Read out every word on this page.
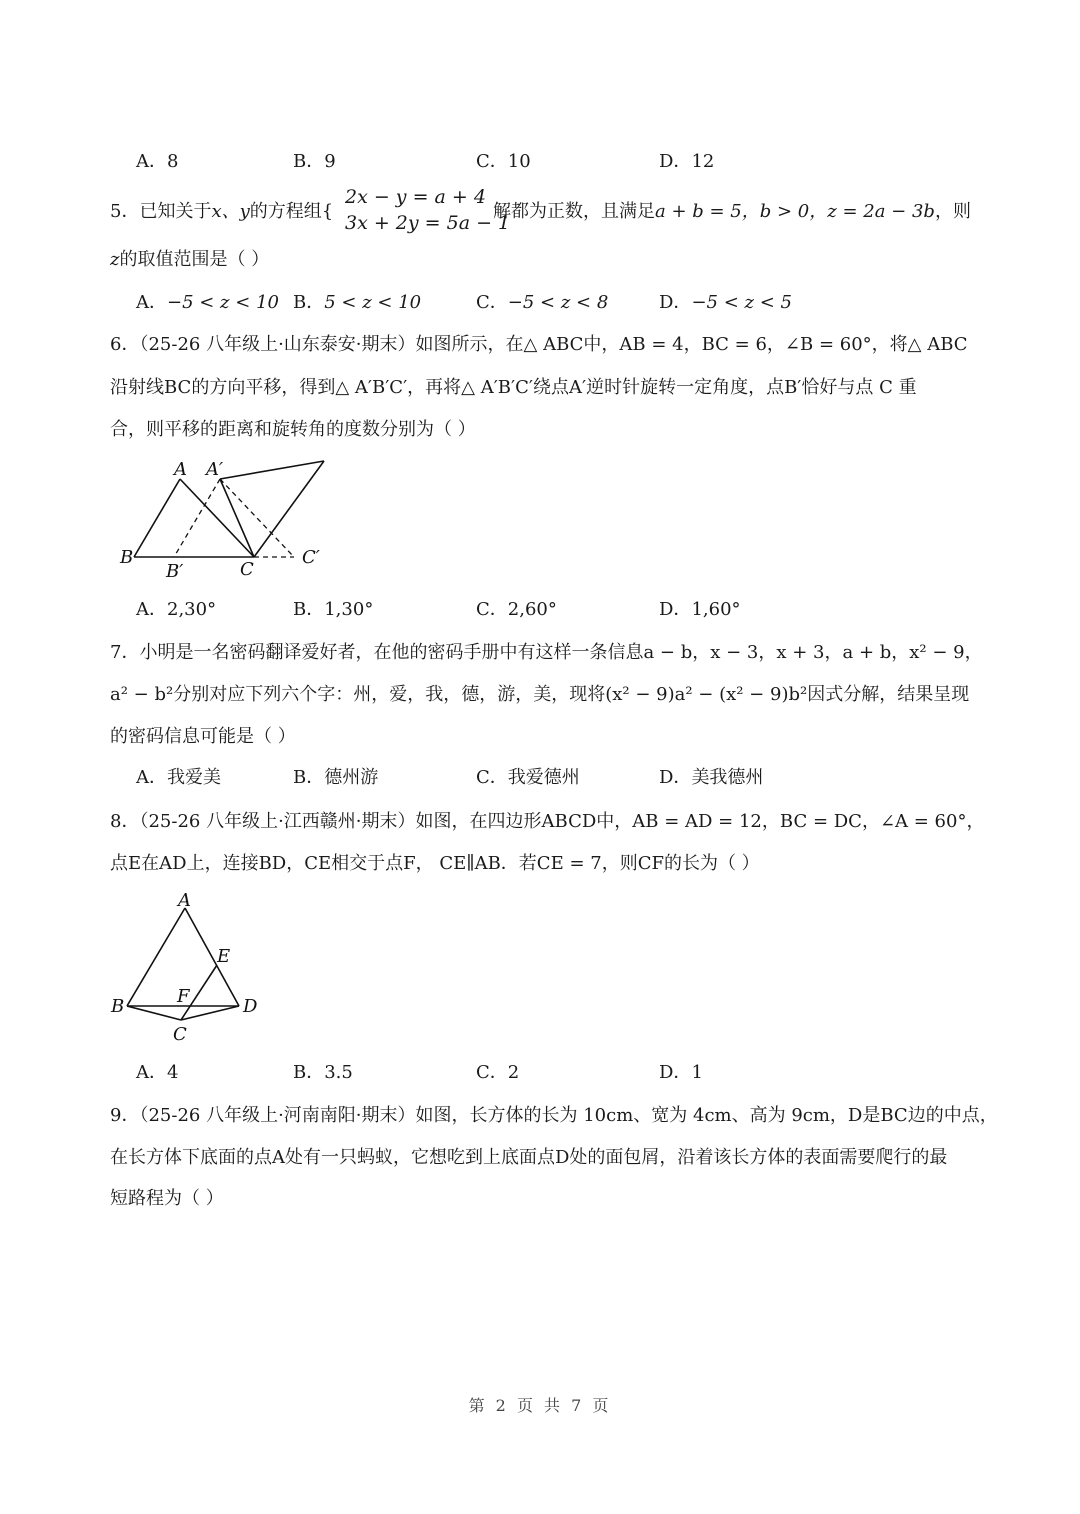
A．8	B．9	C．10	D．12
5．已知关于x、y的方程组{
2x − y = a + 4
3x + 2y = 5a − 1
解都为正数，且满足a + b = 5，b > 0，z = 2a − 3b，则
z的取值范围是（ ）
A．−5 < z < 10 B．5 < z < 10	C．−5 < z < 8	D．−5 < z < 5
6．（25-26 八年级上·山东泰安·期末）如图所示，在△ ABC中，AB = 4，BC = 6，∠B = 60°，将△ ABC
沿射线BC的方向平移，得到△ A′B′C′，再将△ A′B′C′绕点A′逆时针旋转一定角度，点B′恰好与点 C 重
合，则平移的距离和旋转角的度数分别为（ ）
A A′
B
B′	C
C′
A．2,30°	B．1,30°	C．2,60°	D．1,60°
7．小明是一名密码翻译爱好者，在他的密码手册中有这样一条信息a − b，x − 3，x + 3，a + b，x² − 9，
a² − b²分别对应下列六个字：州，爱，我，德，游，美，现将(x² − 9)a² − (x² − 9)b²因式分解，结果呈现
的密码信息可能是（ ）
A．我爱美	B．德州游	C．我爱德州	D．美我德州
8．（25-26 八年级上·江西赣州·期末）如图，在四边形ABCD中，AB = AD = 12，BC = DC，∠A = 60°，
点E在AD上，连接BD，CE相交于点F， CE∥AB．若CE = 7，则CF的长为（ ）
A
B
C
D
E
F
A．4	B．3.5	C．2	D．1
9．（25-26 八年级上·河南南阳·期末）如图，长方体的长为 10cm、宽为 4cm、高为 9cm，D是BC边的中点，
在长方体下底面的点A处有一只蚂蚁，它想吃到上底面点D处的面包屑，沿着该长方体的表面需要爬行的最
短路程为（ ）
第 2 页 共 7 页
